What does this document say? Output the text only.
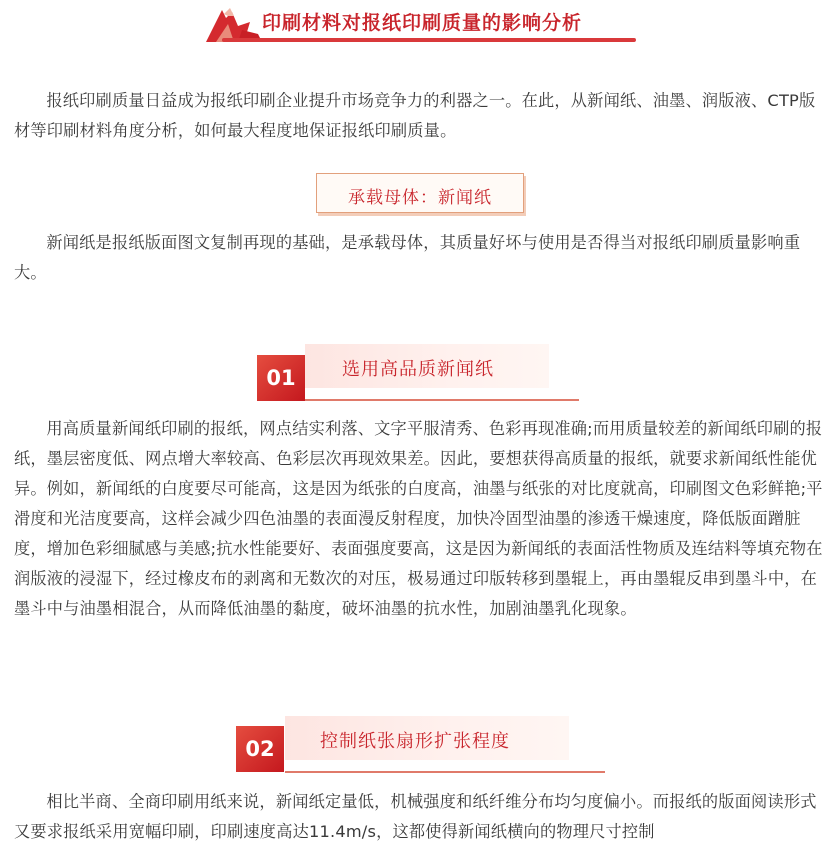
印刷材料对报纸印刷质量的影响分析

报纸印刷质量日益成为报纸印刷企业提升市场竞争力的利器之一。在此，从新闻纸、油墨、润版液、CTP版材等印刷材料角度分析，如何最大程度地保证报纸印刷质量。

承载母体：新闻纸

新闻纸是报纸版面图文复制再现的基础，是承载母体，其质量好坏与使用是否得当对报纸印刷质量影响重大。

01	选用高品质新闻纸

用高质量新闻纸印刷的报纸，网点结实利落、文字平服清秀、色彩再现准确;而用质量较差的新闻纸印刷的报纸，墨层密度低、网点增大率较高、色彩层次再现效果差。因此，要想获得高质量的报纸，就要求新闻纸性能优异。例如，新闻纸的白度要尽可能高，这是因为纸张的白度高，油墨与纸张的对比度就高，印刷图文色彩鲜艳;平滑度和光洁度要高，这样会减少四色油墨的表面漫反射程度，加快冷固型油墨的渗透干燥速度，降低版面蹭脏度，增加色彩细腻感与美感;抗水性能要好、表面强度要高，这是因为新闻纸的表面活性物质及连结料等填充物在润版液的浸湿下，经过橡皮布的剥离和无数次的对压，极易通过印版转移到墨辊上，再由墨辊反串到墨斗中，在墨斗中与油墨相混合，从而降低油墨的黏度，破坏油墨的抗水性，加剧油墨乳化现象。

02	控制纸张扇形扩张程度

相比半商、全商印刷用纸来说，新闻纸定量低，机械强度和纸纤维分布均匀度偏小。而报纸的版面阅读形式又要求报纸采用宽幅印刷，印刷速度高达11.4m/s，这都使得新闻纸横向的物理尺寸控制
